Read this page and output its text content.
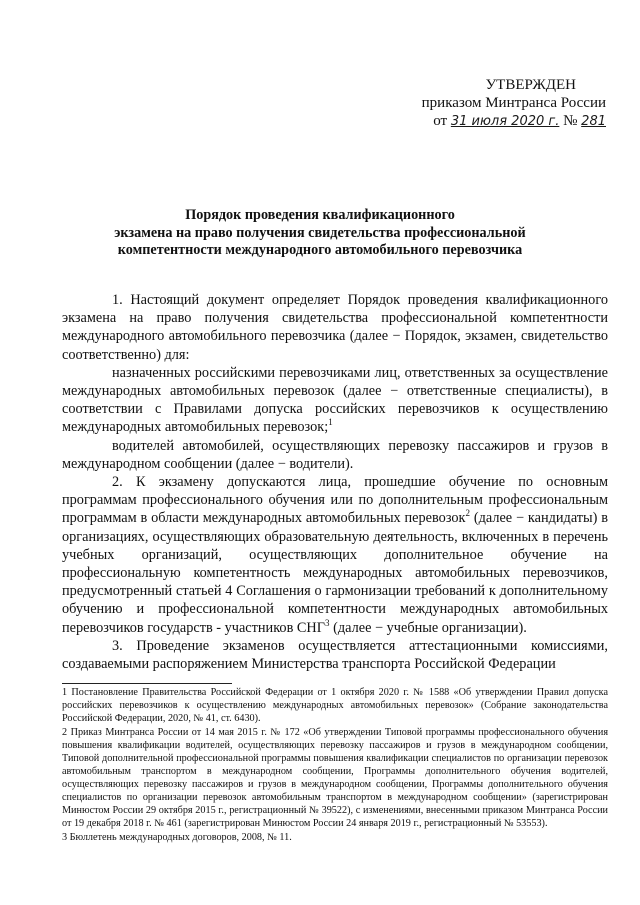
УТВЕРЖДЕН
приказом Минтранса России
от 31 июля 2020 г. № 281
Порядок проведения квалификационного
экзамена на право получения свидетельства профессиональной
компетентности международного автомобильного перевозчика

1. Настоящий документ определяет Порядок проведения квалификационного экзамена на право получения свидетельства профессиональной компетентности международного автомобильного перевозчика (далее − Порядок, экзамен, свидетельство соответственно) для:

назначенных российскими перевозчиками лиц, ответственных за осуществление международных автомобильных перевозок (далее − ответственные специалисты), в соответствии с Правилами допуска российских перевозчиков к осуществлению международных автомобильных перевозок;$^1$

водителей автомобилей, осуществляющих перевозку пассажиров и грузов в международном сообщении (далее − водители).

2. К экзамену допускаются лица, прошедшие обучение по основным программам профессионального обучения или по дополнительным профессиональным программам в области международных автомобильных перевозок$^2$ (далее − кандидаты) в организациях, осуществляющих образовательную деятельность, включенных в перечень учебных организаций, осуществляющих дополнительное обучение на профессиональную компетентность международных автомобильных перевозчиков, предусмотренный статьей 4 Соглашения о гармонизации требований к дополнительному обучению и профессиональной компетентности международных автомобильных перевозчиков государств - участников СНГ$^3$ (далее − учебные организации).

3. Проведение экзаменов осуществляется аттестационными комиссиями, создаваемыми распоряжением Министерства транспорта Российской Федерации

1 Постановление Правительства Российской Федерации от 1 октября 2020 г. № 1588 «Об утверждении Правил допуска российских перевозчиков к осуществлению международных автомобильных перевозок» (Собрание законодательства Российской Федерации, 2020, № 41, ст. 6430).

2 Приказ Минтранса России от 14 мая 2015 г. № 172 «Об утверждении Типовой программы профессионального обучения повышения квалификации водителей, осуществляющих перевозку пассажиров и грузов в международном сообщении, Типовой дополнительной профессиональной программы повышения квалификации специалистов по организации перевозок автомобильным транспортом в международном сообщении, Программы дополнительного обучения водителей, осуществляющих перевозку пассажиров и грузов в международном сообщении, Программы дополнительного обучения специалистов по организации перевозок автомобильным транспортом в международном сообщении» (зарегистрирован Минюстом России 29 октября 2015 г., регистрационный № 39522), с изменениями, внесенными приказом Минтранса России от 19 декабря 2018 г. № 461 (зарегистрирован Минюстом России 24 января 2019 г., регистрационный № 53553).

3 Бюллетень международных договоров, 2008, № 11.
